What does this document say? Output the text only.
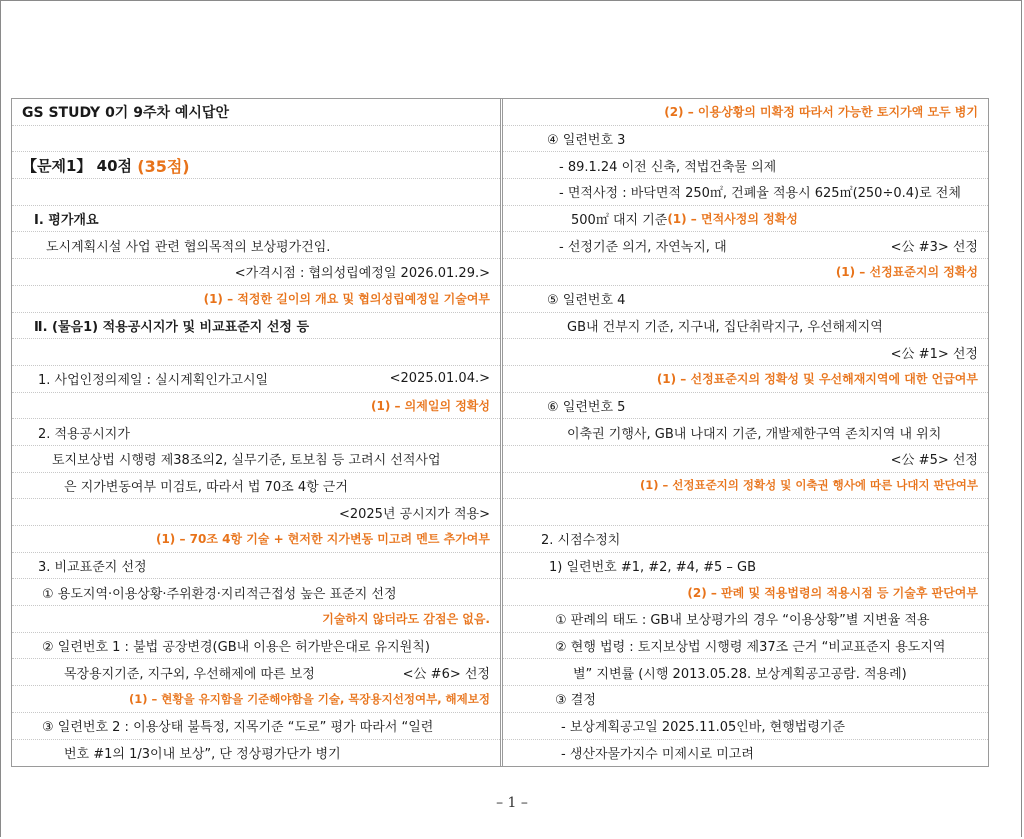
GS STUDY 0기 9주차 예시답안
【문제1】 40점
(35점)
Ⅰ. 평가개요
도시계획시설 사업 관련 협의목적의 보상평가건임.
<가격시점 : 협의성립예정일 2026.01.29.>
(1) – 적정한 길이의 개요 및 협의성립예정일 기술여부
Ⅱ. (물음1) 적용공시지가 및 비교표준지 선정 등
1. 사업인정의제일 : 실시계획인가고시일	<2025.01.04.>
(1) – 의제일의 정확성
2. 적용공시지가
토지보상법 시행령 제38조의2, 실무기준, 토보침 등 고려시 선적사업
은 지가변동여부 미검토, 따라서 법 70조 4항 근거
<2025년 공시지가 적용>
(1) – 70조 4항 기술 + 현저한 지가변동 미고려 멘트 추가여부
3. 비교표준지 선정
① 용도지역·이용상황·주위환경·지리적근접성 높은 표준지 선정
기술하지 않더라도 감점은 없음.
② 일련번호 1 : 불법 공장변경(GB내 이용은 허가받은대로 유지원칙)
목장용지기준, 지구외, 우선해제에 따른 보정	<公 #6> 선정
(1) – 현황을 유지함을 기준해야함을 기술, 목장용지선정여부, 해제보정
③ 일련번호 2 : 이용상태 불특정, 지목기준 “도로” 평가 따라서 “일련
번호 #1의 1/3이내 보상”, 단 정상평가단가 병기
(2) – 이용상황의 미확정 따라서 가능한 토지가액 모두 병기
④ 일련번호 3
- 89.1.24 이전 신축, 적법건축물 의제
- 면적사정 : 바닥면적 250㎡, 건폐율 적용시 625㎡(250÷0.4)로 전체
500㎡ 대지 기준 (1) – 면적사정의 정확성
- 선정기준 의거, 자연녹지, 대	<公 #3> 선정
(1) – 선정표준지의 정확성
⑤ 일련번호 4
GB내 건부지 기준, 지구내, 집단취락지구, 우선해제지역
<公 #1> 선정
(1) – 선정표준지의 정확성 및 우선해재지역에 대한 언급여부
⑥ 일련번호 5
이축권 기행사, GB내 나대지 기준, 개발제한구역 존치지역 내 위치
<公 #5> 선정
(1) – 선정표준지의 정확성 및 이축권 행사에 따른 나대지 판단여부
2. 시점수정치
1) 일련번호 #1, #2, #4, #5 – GB
(2) – 판례 및 적용법령의 적용시점 등 기술후 판단여부
① 판례의 태도 : GB내 보상평가의 경우 “이용상황”별 지변율 적용
② 현행 법령 : 토지보상법 시행령 제37조 근거 “비교표준지 용도지역
별” 지변률 (시행 2013.05.28. 보상계획공고공람. 적용례)
③ 결정
- 보상계획공고일 2025.11.05인바, 현행법령기준
- 생산자물가지수 미제시로 미고려
– 1 –
